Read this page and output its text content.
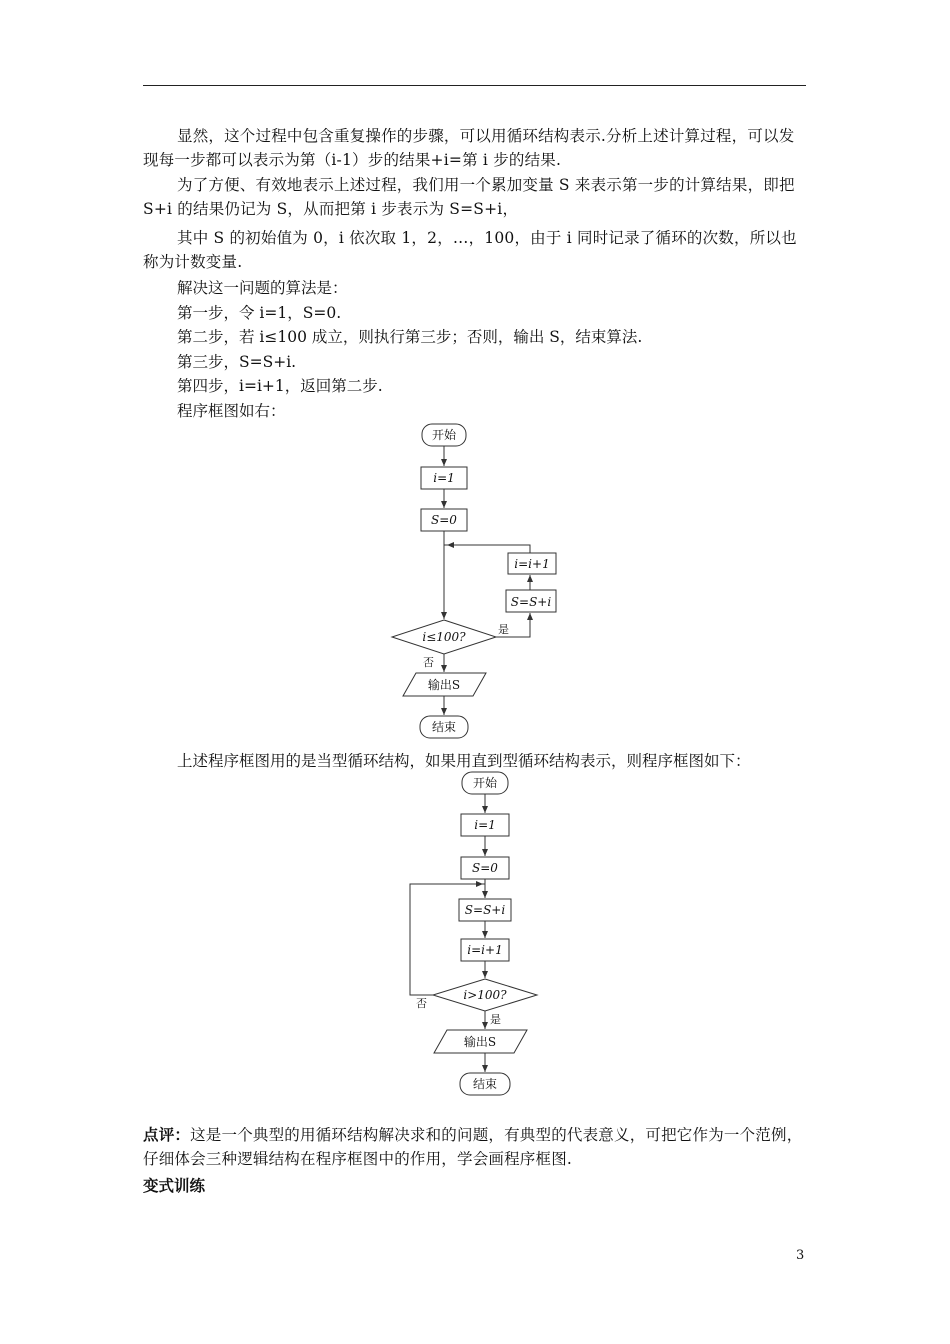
显然，这个过程中包含重复操作的步骤，可以用循环结构表示.分析上述计算过程，可以发现每一步都可以表示为第（i-1）步的结果+i=第 i 步的结果.
为了方便、有效地表示上述过程，我们用一个累加变量 S 来表示第一步的计算结果，即把 S+i 的结果仍记为 S，从而把第 i 步表示为 S=S+i，
其中 S 的初始值为 0，i 依次取 1，2，…，100，由于 i 同时记录了循环的次数，所以也称为计数变量.
解决这一问题的算法是：
第一步，令 i=1，S=0.
第二步，若 i≤100 成立，则执行第三步；否则，输出 S，结束算法.
第三步，S=S+i.
第四步，i=i+1，返回第二步.
程序框图如右：
开始
i=1
S=0
i=i+1
S=S+i
i≤100?
是
否
输出S
结束
上述程序框图用的是当型循环结构，如果用直到型循环结构表示，则程序框图如下：
开始
i=1
S=0
S=S+i
i=i+1
i>100?
否
是
输出S
结束
点评：这是一个典型的用循环结构解决求和的问题，有典型的代表意义，可把它作为一个范例，仔细体会三种逻辑结构在程序框图中的作用，学会画程序框图.
变式训练
3
